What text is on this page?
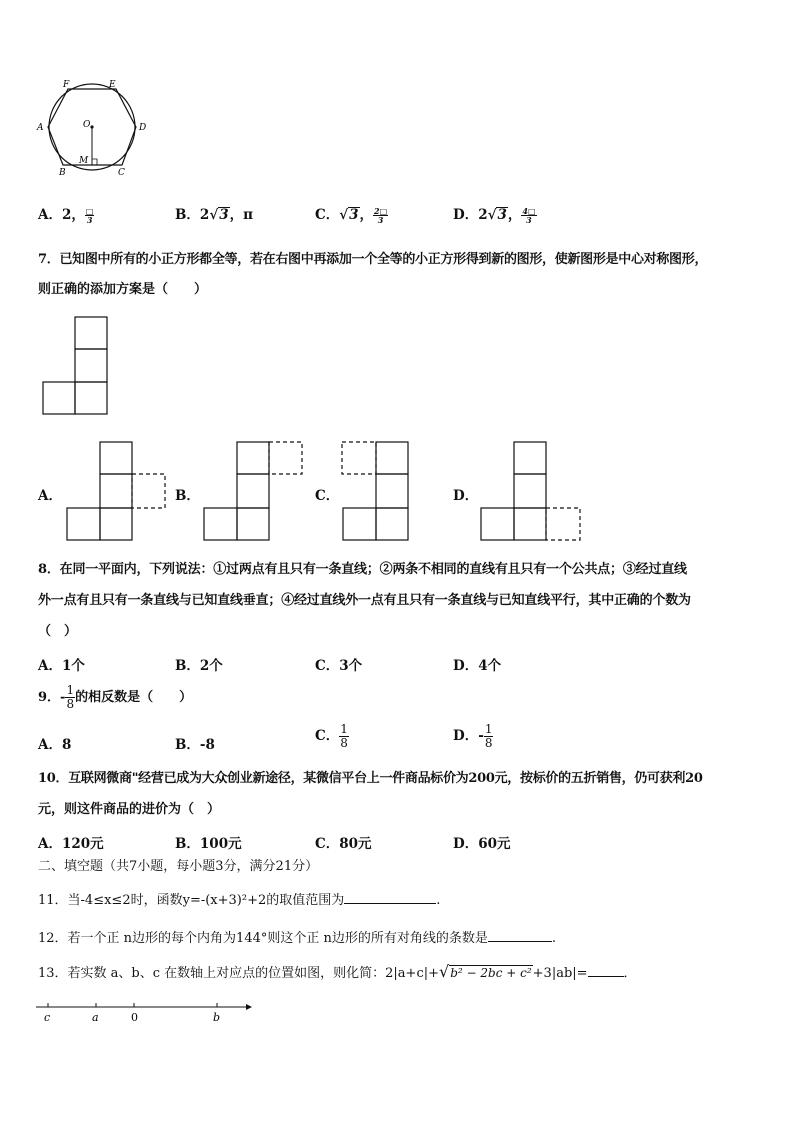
F	E
A	D
O
M
B	C
A．2， $\frac{□}{3}$	B．2√3，π	C．√3， $\frac{2□}{3}$	D．2√3， $\frac{4□}{3}$
7．已知图中所有的小正方形都全等，若在右图中再添加一个全等的小正方形得到新的图形，使新图形是中心对称图形，
则正确的添加方案是（　　）
A．	B．	C．	D．
8．在同一平面内，下列说法：①过两点有且只有一条直线；②两条不相同的直线有且只有一个公共点；③经过直线
外一点有且只有一条直线与已知直线垂直；④经过直线外一点有且只有一条直线与已知直线平行，其中正确的个数为
（　）
A．1个	B．2个	C．3个	D．4个
9．- $\frac{1}{8}$ 的相反数是（　　）
A．8	B．-8
C． $\frac{1}{8}$	D．- $\frac{1}{8}$
10．互联网微商"经营已成为大众创业新途径，某微信平台上一件商品标价为200元，按标价的五折销售，仍可获利20
元，则这件商品的进价为（　）
A．120元	B．100元	C．80元	D．60元
二、填空题（共7小题，每小题3分，满分21分）
11．当-4≤x≤2时，函数y=-(x+3)²+2的取值范围为	.
12．若一个正 n边形的每个内角为144°则这个正 n边形的所有对角线的条数是	.
13．若实数 a、b、c 在数轴上对应点的位置如图，则化简：2|a+c|+√b² − 2bc + c²+3|ab|=	．
c	a	0	b
